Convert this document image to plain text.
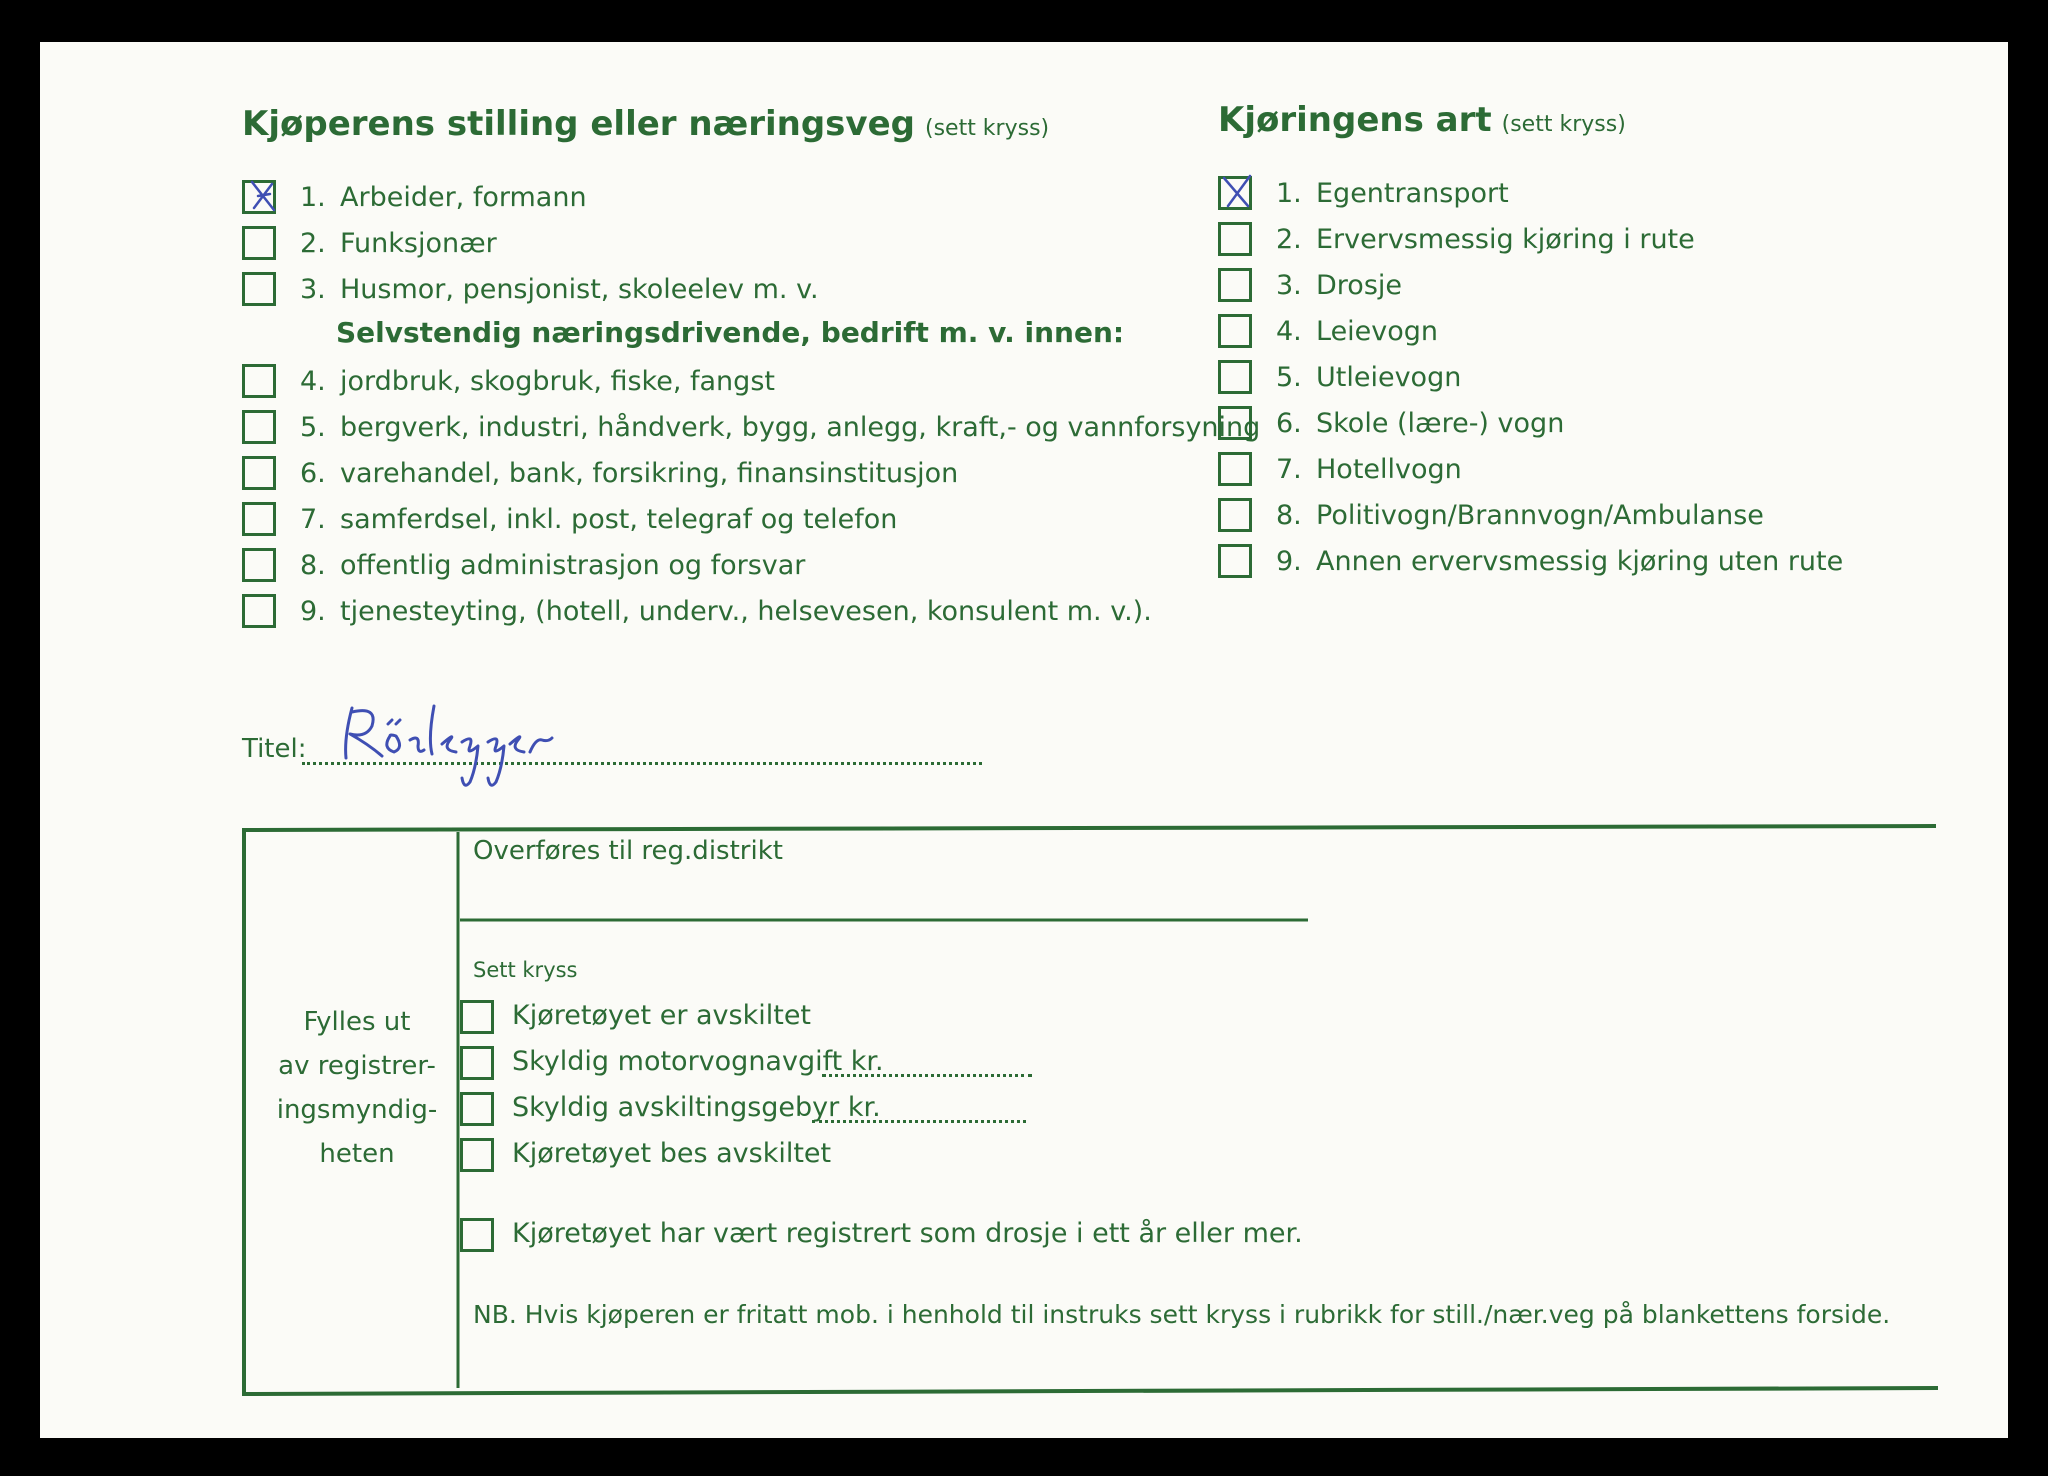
Kjøperens stilling eller næringsveg (sett kryss)
1. Arbeider, formann
2. Funksjonær
3. Husmor, pensjonist, skoleelev m. v.
Selvstendig næringsdrivende, bedrift m. v. innen:
4. jordbruk, skogbruk, fiske, fangst
5. bergverk, industri, håndverk, bygg, anlegg, kraft,- og vannforsyning
6. varehandel, bank, forsikring, finansinstitusjon
7. samferdsel, inkl. post, telegraf og telefon
8. offentlig administrasjon og forsvar
9. tjenesteyting, (hotell, underv., helsevesen, konsulent m. v.).
Kjøringens art (sett kryss)
1. Egentransport
2. Ervervsmessig kjøring i rute
3. Drosje
4. Leievogn
5. Utleievogn
6. Skole (lære-) vogn
7. Hotellvogn
8. Politivogn/Brannvogn/Ambulanse
9. Annen ervervsmessig kjøring uten rute
Titel:
Fylles ut
av registrer-
ingsmyndig-
heten
Overføres til reg.distrikt
Sett kryss
Kjøretøyet er avskiltet
Skyldig motorvognavgift kr.
Skyldig avskiltingsgebyr kr.
Kjøretøyet bes avskiltet
Kjøretøyet har vært registrert som drosje i ett år eller mer.
NB. Hvis kjøperen er fritatt mob. i henhold til instruks sett kryss i rubrikk for still./nær.veg på blankettens forside.
